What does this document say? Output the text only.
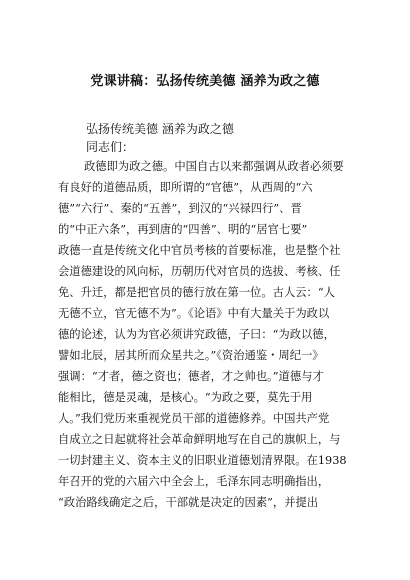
党课讲稿：弘扬传统美德 涵养为政之德
弘扬传统美德 涵养为政之德
同志们：
政德即为政之德。中国自古以来都强调从政者必须要
有良好的道德品质，即所谓的“官德”，从西周的“六
德”“六行”、秦的“五善”，到汉的“兴禄四行”、晋
的“中正六条”，再到唐的“四善”、明的“居官七要”
政德一直是传统文化中官员考核的首要标准，也是整个社
会道德建设的风向标，历朝历代对官员的选拔、考核、任
免、升迁，都是把官员的德行放在第一位。古人云：“人
无德不立，官无德不为”。《论语》中有大量关于为政以
德的论述，认为为官必须讲究政德，子曰：“为政以德，
譬如北辰，居其所而众星共之。”《资治通鉴・周纪一》
强调：“才者，德之资也；德者，才之帅也。”道德与才
能相比，德是灵魂，是核心。“为政之要，莫先于用
人。”我们党历来重视党员干部的道德修养。中国共产党
自成立之日起就将社会革命鲜明地写在自己的旗帜上，与
一切封建主义、资本主义的旧职业道德划清界限。在1938
年召开的党的六届六中全会上，毛泽东同志明确指出，
“政治路线确定之后，干部就是决定的因素”，并提出
